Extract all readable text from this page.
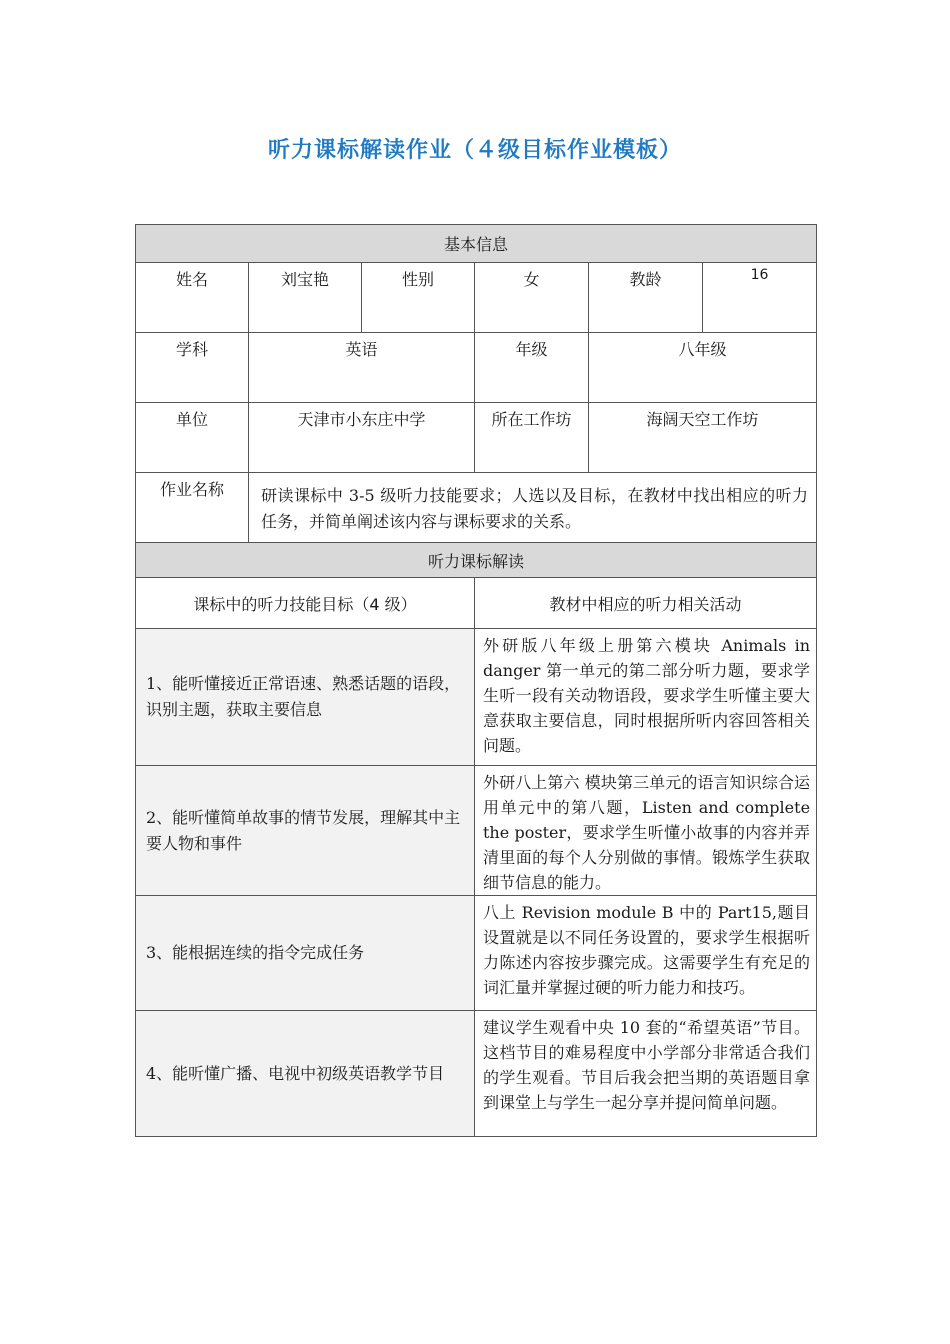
听力课标解读作业（４级目标作业模板）
基本信息					
姓名	刘宝艳	性别	女	教龄	16
学科	英语		年级	八年级	
单位	天津市小东庄中学		所在工作坊	海阔天空工作坊	
作业名称	研读课标中 3-5 级听力技能要求；人选以及目标，在教材中找出相应的听力任务，并简单阐述该内容与课标要求的关系。				
听力课标解读					
课标中的听力技能目标（4 级）			教材中相应的听力相关活动		
1、能听懂接近正常语速、熟悉话题的语段，识别主题，获取主要信息			外研版八年级上册第六模块 Animals in danger 第一单元的第二部分听力题，要求学生听一段有关动物语段，要求学生听懂主要大意获取主要信息，同时根据所听内容回答相关问题。		
2、能听懂简单故事的情节发展，理解其中主要人物和事件			外研八上第六 模块第三单元的语言知识综合运用单元中的第八题，Listen and complete the poster，要求学生听懂小故事的内容并弄清里面的每个人分别做的事情。锻炼学生获取细节信息的能力。		
3、能根据连续的指令完成任务			八上 Revision module B 中的 Part15,题目设置就是以不同任务设置的，要求学生根据听力陈述内容按步骤完成。这需要学生有充足的词汇量并掌握过硬的听力能力和技巧。		
4、能听懂广播、电视中初级英语教学节目			建议学生观看中央 10 套的“希望英语”节目。这档节目的难易程度中小学部分非常适合我们的学生观看。节目后我会把当期的英语题目拿到课堂上与学生一起分享并提问简单问题。		
